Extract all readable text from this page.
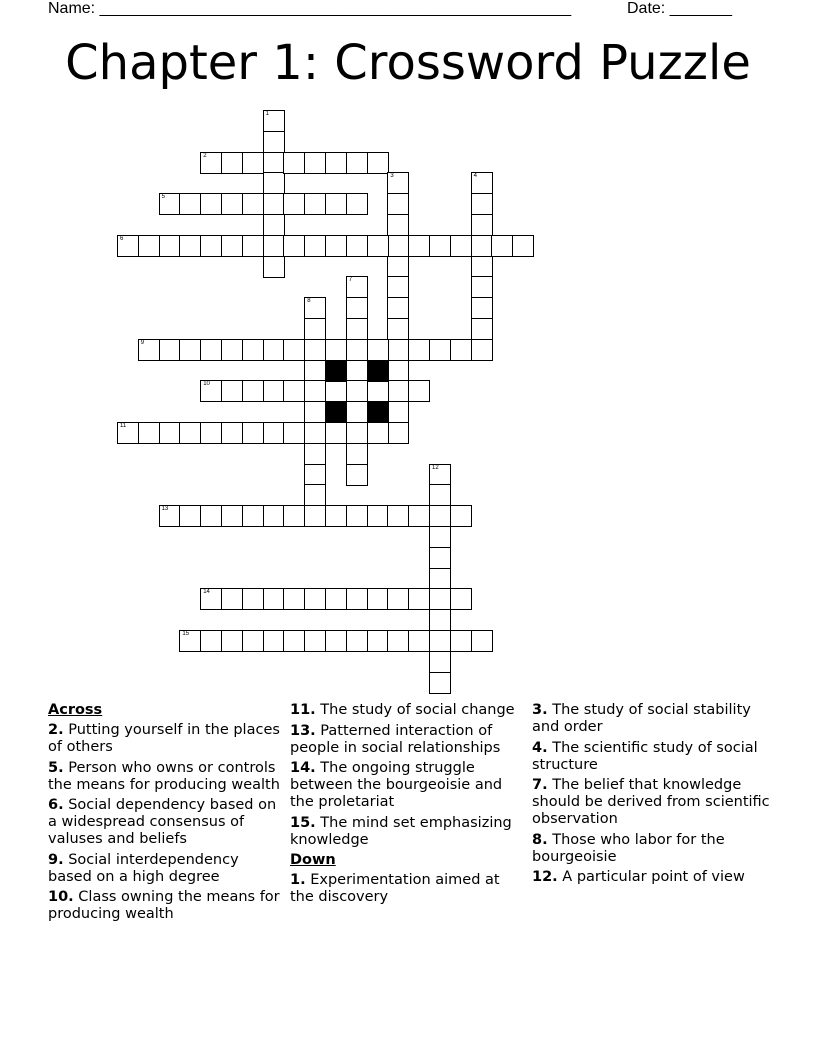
Name: _____________________________________________________	Date: _______
Chapter 1: Crossword Puzzle
1
2
3	4
5
6
7
8
9
10
11
12
13
14
15
Across
2. Putting yourself in the places of others
5. Person who owns or controls the means for producing wealth
6. Social dependency based on a widespread consensus of valuses and beliefs
9. Social interdependency based on a high degree
10. Class owning the means for producing wealth
11. The study of social change
13. Patterned interaction of people in social relationships
14. The ongoing struggle between the bourgeoisie and the proletariat
15. The mind set emphasizing knowledge
Down
1. Experimentation aimed at the discovery
3. The study of social stability and order
4. The scientific study of social structure
7. The belief that knowledge should be derived from scientific observation
8. Those who labor for the bourgeoisie
12. A particular point of view
